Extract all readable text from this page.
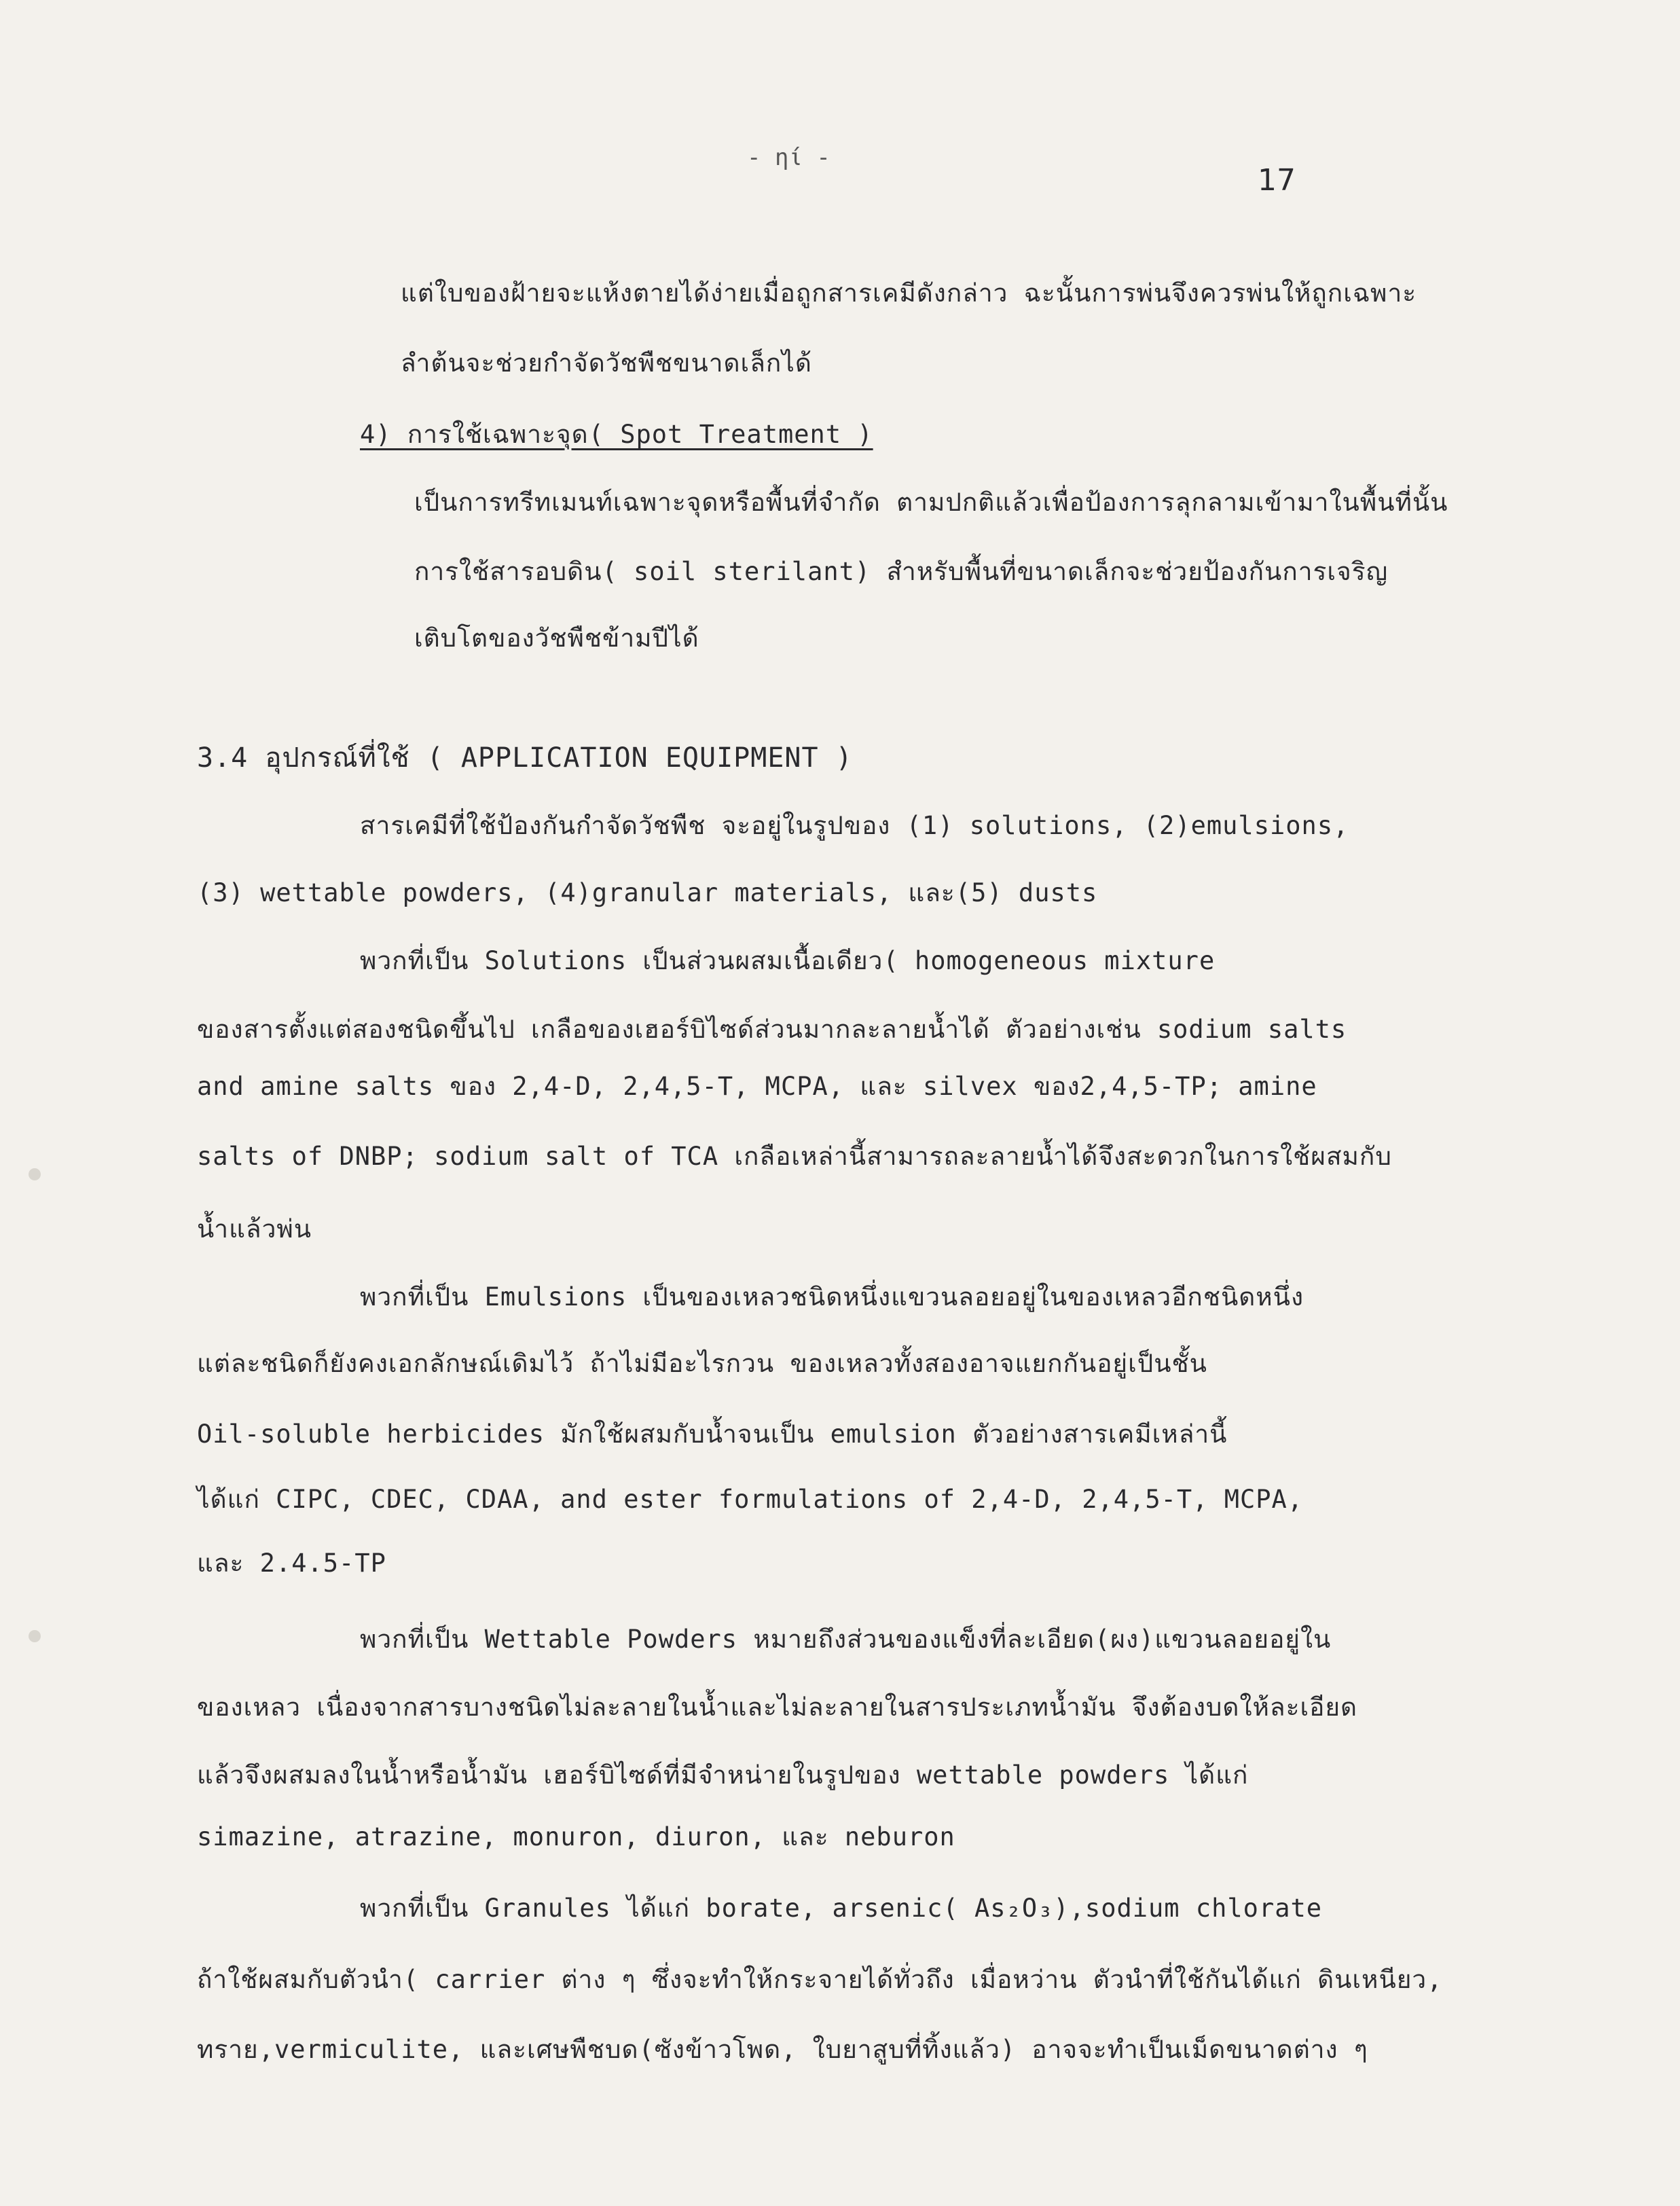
- ηί -
17
แต่ใบของฝ้ายจะแห้งตายได้ง่ายเมื่อถูกสารเคมีดังกล่าว ฉะนั้นการพ่นจึงควรพ่นให้ถูกเฉพาะ
ลำต้นจะช่วยกำจัดวัชพืชขนาดเล็กได้
4) การใช้เฉพาะจุด( Spot Treatment )
เป็นการทรีทเมนท์เฉพาะจุดหรือพื้นที่จำกัด ตามปกติแล้วเพื่อป้องการลุกลามเข้ามาในพื้นที่นั้น
การใช้สารอบดิน( soil sterilant) สำหรับพื้นที่ขนาดเล็กจะช่วยป้องกันการเจริญ
เติบโตของวัชพืชข้ามปีได้
3.4 อุปกรณ์ที่ใช้ ( APPLICATION EQUIPMENT )
สารเคมีที่ใช้ป้องกันกำจัดวัชพืช จะอยู่ในรูปของ (1) solutions, (2)emulsions,
(3) wettable powders, (4)granular materials, และ(5) dusts
พวกที่เป็น Solutions เป็นส่วนผสมเนื้อเดียว( homogeneous mixture
ของสารตั้งแต่สองชนิดขึ้นไป เกลือของเฮอร์บิไซด์ส่วนมากละลายน้ำได้ ตัวอย่างเช่น sodium salts
and amine salts ของ 2,4-D, 2,4,5-T, MCPA, และ silvex ของ2,4,5-TP; amine
salts of DNBP; sodium salt of TCA เกลือเหล่านี้สามารถละลายน้ำได้จึงสะดวกในการใช้ผสมกับ
น้ำแล้วพ่น
พวกที่เป็น Emulsions เป็นของเหลวชนิดหนึ่งแขวนลอยอยู่ในของเหลวอีกชนิดหนึ่ง
แต่ละชนิดก็ยังคงเอกลักษณ์เดิมไว้ ถ้าไม่มีอะไรกวน ของเหลวทั้งสองอาจแยกกันอยู่เป็นชั้น
Oil-soluble herbicides มักใช้ผสมกับน้ำจนเป็น emulsion ตัวอย่างสารเคมีเหล่านี้
ได้แก่ CIPC, CDEC, CDAA, and ester formulations of 2,4-D, 2,4,5-T, MCPA,
และ 2.4.5-TP
พวกที่เป็น Wettable Powders หมายถึงส่วนของแข็งที่ละเอียด(ผง)แขวนลอยอยู่ใน
ของเหลว เนื่องจากสารบางชนิดไม่ละลายในน้ำและไม่ละลายในสารประเภทน้ำมัน จึงต้องบดให้ละเอียด
แล้วจึงผสมลงในน้ำหรือน้ำมัน เฮอร์บิไซด์ที่มีจำหน่ายในรูปของ wettable powders ได้แก่
simazine, atrazine, monuron, diuron, และ neburon
พวกที่เป็น Granules ได้แก่ borate, arsenic( As₂O₃),sodium chlorate
ถ้าใช้ผสมกับตัวนำ( carrier ต่าง ๆ ซึ่งจะทำให้กระจายได้ทั่วถึง เมื่อหว่าน ตัวนำที่ใช้กันได้แก่ ดินเหนียว,
ทราย,vermiculite, และเศษพืชบด(ซังข้าวโพด, ใบยาสูบที่ทิ้งแล้ว) อาจจะทำเป็นเม็ดขนาดต่าง ๆ
